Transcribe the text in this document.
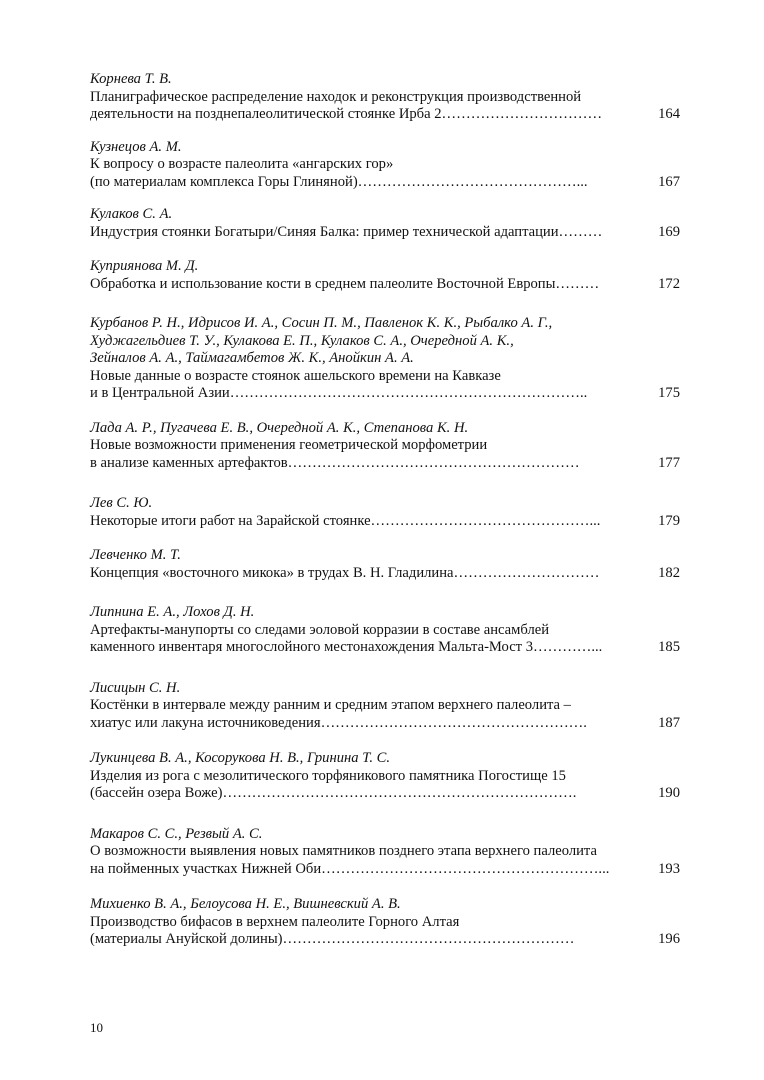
Корнева Т. В.
Планиграфическое распределение находок и реконструкция производственной
деятельности на позднепалеолитической стоянке Ирба 2……………………………	164
Кузнецов А. М.
К вопросу о возрасте палеолита «ангарских гор»
(по материалам комплекса Горы Глиняной)………………………………………...	167
Кулаков С. А.
Индустрия стоянки Богатыри/Синяя Балка: пример технической адаптации………	169
Куприянова М. Д.
Обработка и использование кости в среднем палеолите Восточной Европы………	172
Курбанов Р. Н., Идрисов И. А., Сосин П. М., Павленок К. К., Рыбалко А. Г.,
Худжагельдиев Т. У., Кулакова Е. П., Кулаков С. А., Очередной А. К.,
Зейналов А. А., Таймагамбетов Ж. К., Анойкин А. А.
Новые данные о возрасте стоянок ашельского времени на Кавказе
и в Центральной Азии………………………………………………………………..	175
Лада А. Р., Пугачева Е. В., Очередной А. К., Степанова К. Н.
Новые возможности применения геометрической морфометрии
в анализе каменных артефактов……………………………………………………	177
Лев С. Ю.
Некоторые итоги работ на Зарайской стоянке………………………………………...	179
Левченко М. Т.
Концепция «восточного микока» в трудах В. Н. Гладилина…………………………	182
Липнина Е. А., Лохов Д. Н.
Артефакты-манупорты со следами эоловой корразии в составе ансамблей
каменного инвентаря многослойного местонахождения Мальта-Мост 3…………...	185
Лисицын С. Н.
Костёнки в интервале между ранним и средним этапом верхнего палеолита –
хиатус или лакуна источниковедения……………………………………………….	187
Лукинцева В. А., Косорукова Н. В., Гринина Т. С.
Изделия из рога с мезолитического торфяникового памятника Погостище 15
(бассейн озера Воже)……………………………………………………………….	190
Макаров С. С., Резвый А. С.
О возможности выявления новых памятников позднего этапа верхнего палеолита
на пойменных участках Нижней Оби…………………………………………………...	193
Михиенко В. А., Белоусова Н. Е., Вишневский А. В.
Производство бифасов в верхнем палеолите Горного Алтая
(материалы Ануйской долины)……………………………………………………	196
10
